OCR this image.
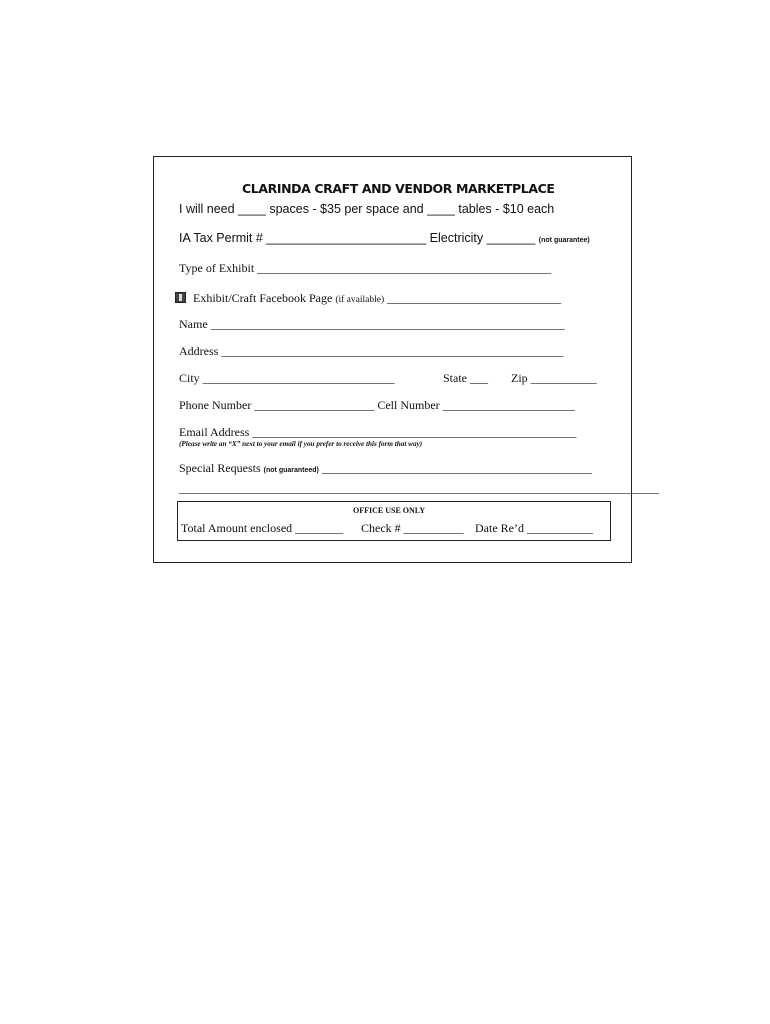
CLARINDA CRAFT AND VENDOR MARKETPLACE
I will need ____ spaces - $35 per space and ____ tables - $10 each
IA Tax Permit # _______________________ Electricity _______ (not guarantee)
Type of Exhibit _________________________________________________
Exhibit/Craft Facebook Page (if available) _____________________________
Name ___________________________________________________________
Address _________________________________________________________
City ________________________________	State ___ Zip ___________
Phone Number ____________________ Cell Number ______________________
Email Address ______________________________________________________
(Please write an “X” next to your email if you prefer to receive this form that way)
Special Requests (not guaranteed) _____________________________________________
________________________________________________________________________________
OFFICE USE ONLY
Total Amount enclosed ________ Check # __________ Date Re’d ___________
